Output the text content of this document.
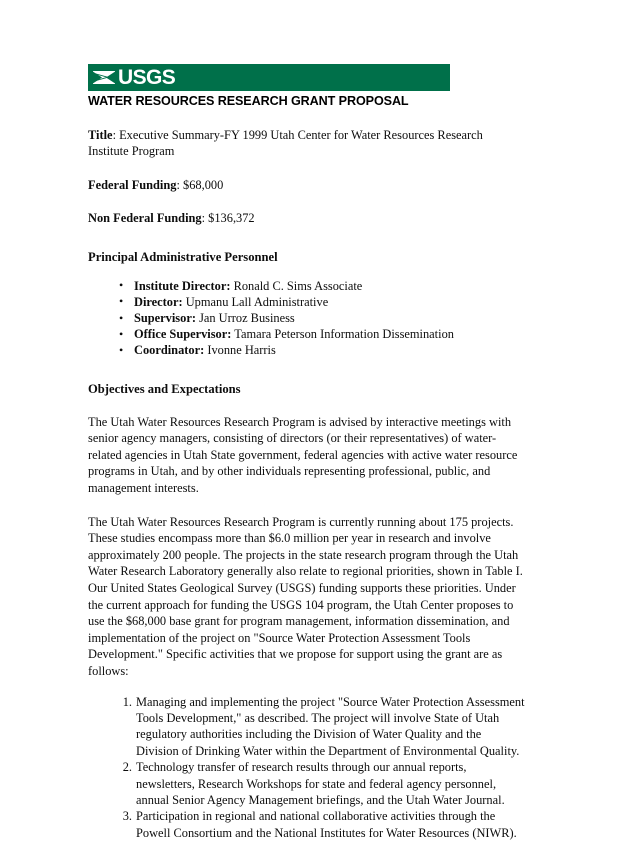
USGS
WATER RESOURCES RESEARCH GRANT PROPOSAL
Title: Executive Summary-FY 1999 Utah Center for Water Resources Research Institute Program
Federal Funding: $68,000
Non Federal Funding: $136,372
Principal Administrative Personnel
• Institute Director: Ronald C. Sims Associate
• Director: Upmanu Lall Administrative
• Supervisor: Jan Urroz Business
• Office Supervisor: Tamara Peterson Information Dissemination
• Coordinator: Ivonne Harris
Objectives and Expectations

The Utah Water Resources Research Program is advised by interactive meetings with senior agency managers, consisting of directors (or their representatives) of water-related agencies in Utah State government, federal agencies with active water resource programs in Utah, and by other individuals representing professional, public, and management interests.

The Utah Water Resources Research Program is currently running about 175 projects. These studies encompass more than $6.0 million per year in research and involve approximately 200 people. The projects in the state research program through the Utah Water Research Laboratory generally also relate to regional priorities, shown in Table I. Our United States Geological Survey (USGS) funding supports these priorities. Under the current approach for funding the USGS 104 program, the Utah Center proposes to use the $68,000 base grant for program management, information dissemination, and implementation of the project on "Source Water Protection Assessment Tools Development." Specific activities that we propose for support using the grant are as follows:

Managing and implementing the project "Source Water Protection Assessment Tools Development," as described. The project will involve State of Utah regulatory authorities including the Division of Water Quality and the Division of Drinking Water within the Department of Environmental Quality.
Technology transfer of research results through our annual reports, newsletters, Research Workshops for state and federal agency personnel, annual Senior Agency Management briefings, and the Utah Water Journal.
Participation in regional and national collaborative activities through the Powell Consortium and the National Institutes for Water Resources (NIWR).
